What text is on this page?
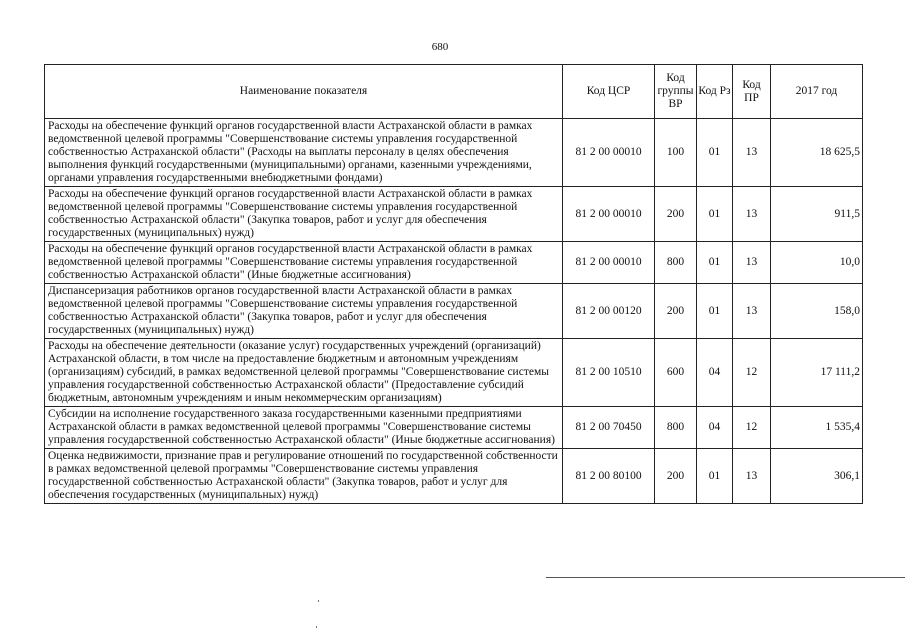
680
Наименование показателя	Код ЦСР	Код группы ВР	Код Рз	Код ПР	2017 год
Расходы на обеспечение функций органов государственной власти Астраханской области в рамках ведомственной целевой программы "Совершенствование системы управления государственной собственностью Астраханской области" (Расходы на выплаты персоналу в целях обеспечения выполнения функций государственными (муниципальными) органами, казенными учреждениями, органами управления государственными внебюджетными фондами)	81 2 00 00010	100	01	13	18 625,5
Расходы на обеспечение функций органов государственной власти Астраханской области в рамках ведомственной целевой программы "Совершенствование системы управления государственной собственностью Астраханской области" (Закупка товаров, работ и услуг для обеспечения государственных (муниципальных) нужд)	81 2 00 00010	200	01	13	911,5
Расходы на обеспечение функций органов государственной власти Астраханской области в рамках ведомственной целевой программы "Совершенствование системы управления государственной собственностью Астраханской области" (Иные бюджетные ассигнования)	81 2 00 00010	800	01	13	10,0
Диспансеризация работников органов государственной власти Астраханской области в рамках ведомственной целевой программы "Совершенствование системы управления государственной собственностью Астраханской области" (Закупка товаров, работ и услуг для обеспечения государственных (муниципальных) нужд)	81 2 00 00120	200	01	13	158,0
Расходы на обеспечение деятельности (оказание услуг) государственных учреждений (организаций) Астраханской области, в том числе на предоставление бюджетным и автономным учреждениям (организациям) субсидий, в рамках ведомственной целевой программы "Совершенствование системы управления государственной собственностью Астраханской области" (Предоставление субсидий бюджетным, автономным учреждениям и иным некоммерческим организациям)	81 2 00 10510	600	04	12	17 111,2
Субсидии на исполнение государственного заказа государственными казенными предприятиями Астраханской области в рамках ведомственной целевой программы "Совершенствование системы управления государственной собственностью Астраханской области" (Иные бюджетные ассигнования)	81 2 00 70450	800	04	12	1 535,4
Оценка недвижимости, признание прав и регулирование отношений по государственной собственности в рамках ведомственной целевой программы "Совершенствование системы управления государственной собственностью Астраханской области" (Закупка товаров, работ и услуг для обеспечения государственных (муниципальных) нужд)	81 2 00 80100	200	01	13	306,1
